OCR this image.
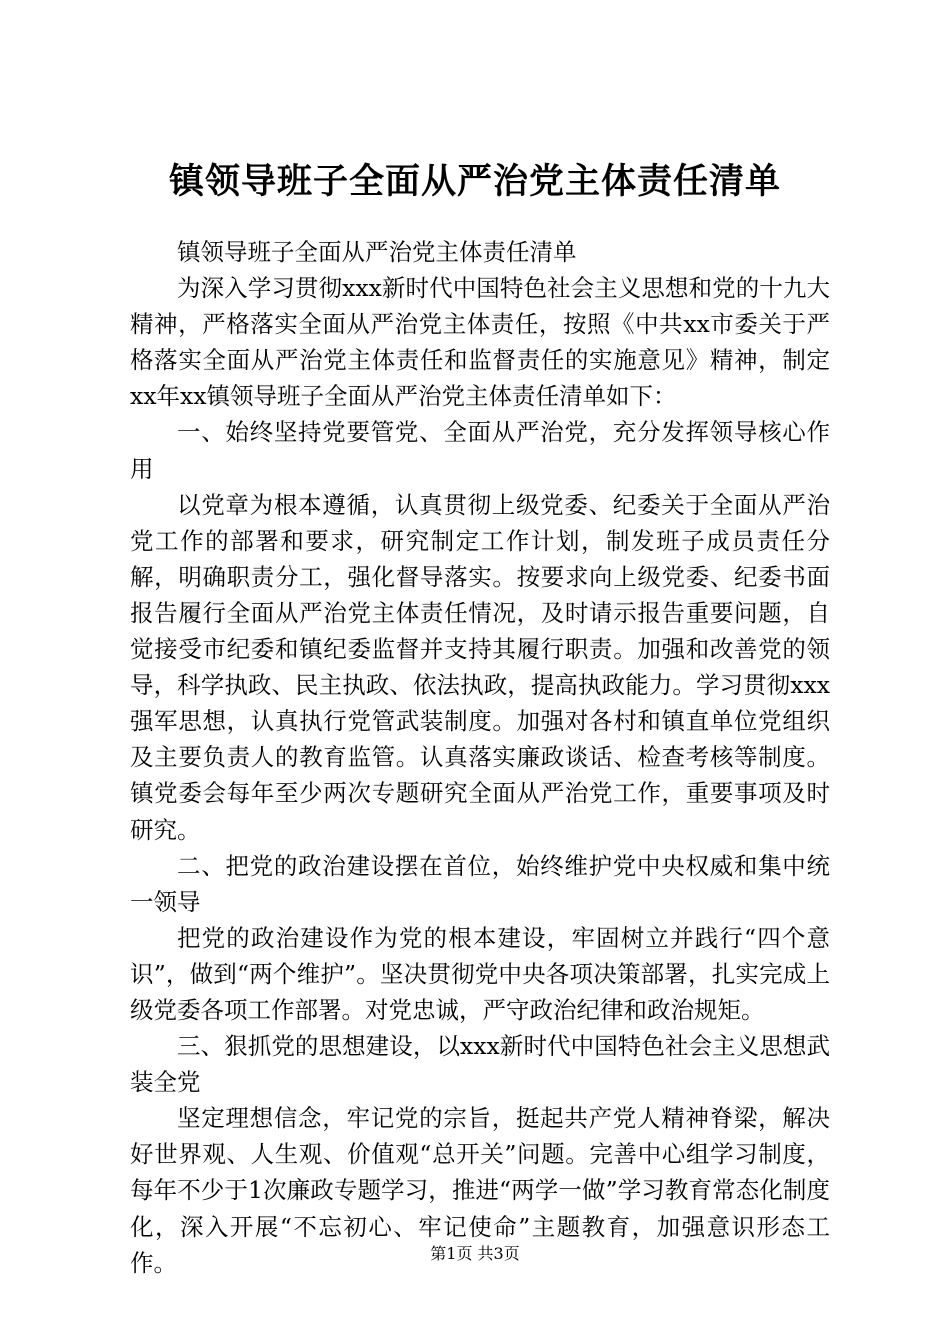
镇领导班子全面从严治党主体责任清单

镇领导班子全面从严治党主体责任清单

为深入学习贯彻xxx新时代中国特色社会主义思想和党的十九大精神，严格落实全面从严治党主体责任，按照《中共xx市委关于严格落实全面从严治党主体责任和监督责任的实施意见》精神，制定xx年xx镇领导班子全面从严治党主体责任清单如下：

一、始终坚持党要管党、全面从严治党，充分发挥领导核心作用

以党章为根本遵循，认真贯彻上级党委、纪委关于全面从严治党工作的部署和要求，研究制定工作计划，制发班子成员责任分解，明确职责分工，强化督导落实。按要求向上级党委、纪委书面报告履行全面从严治党主体责任情况，及时请示报告重要问题，自觉接受市纪委和镇纪委监督并支持其履行职责。加强和改善党的领导，科学执政、民主执政、依法执政，提高执政能力。学习贯彻xxx强军思想，认真执行党管武装制度。加强对各村和镇直单位党组织及主要负责人的教育监管。认真落实廉政谈话、检查考核等制度。镇党委会每年至少两次专题研究全面从严治党工作，重要事项及时研究。

二、把党的政治建设摆在首位，始终维护党中央权威和集中统一领导

把党的政治建设作为党的根本建设，牢固树立并践行“四个意识”，做到“两个维护”。坚决贯彻党中央各项决策部署，扎实完成上级党委各项工作部署。对党忠诚，严守政治纪律和政治规矩。

三、狠抓党的思想建设，以xxx新时代中国特色社会主义思想武装全党

坚定理想信念，牢记党的宗旨，挺起共产党人精神脊梁，解决好世界观、人生观、价值观“总开关”问题。完善中心组学习制度，每年不少于1次廉政专题学习，推进“两学一做”学习教育常态化制度化，深入开展“不忘初心、牢记使命”主题教育，加强意识形态工作。	第1页 共3页
